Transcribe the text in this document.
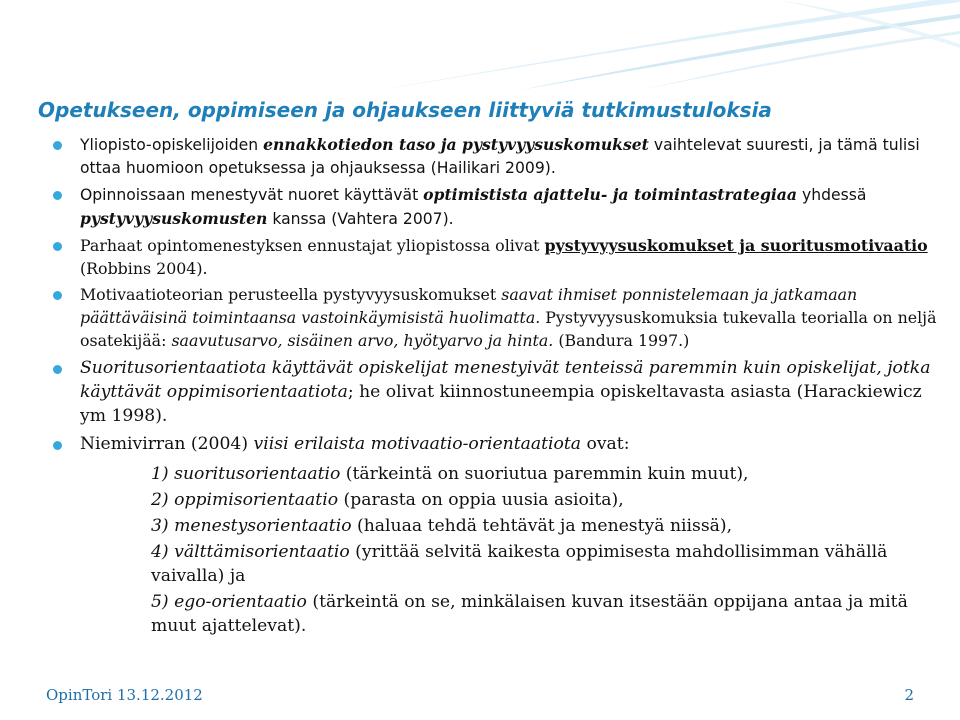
Opetukseen, oppimiseen ja ohjaukseen liittyviä tutkimustuloksia
Yliopisto-opiskelijoiden ennakkotiedon taso ja pystyvyysuskomukset vaihtelevat suuresti, ja tämä tulisi ottaa huomioon opetuksessa ja ohjauksessa (Hailikari 2009).
Opinnoissaan menestyvät nuoret käyttävät optimistista ajattelu- ja toimintastrategiaa yhdessä pystyvyysuskomusten kanssa (Vahtera 2007).
Parhaat opintomenestyksen ennustajat yliopistossa olivat pystyvyysuskomukset ja suoritusmotivaatio (Robbins 2004).
Motivaatioteorian perusteella pystyvyysuskomukset saavat ihmiset ponnistelemaan ja jatkamaan päättäväisinä toimintaansa vastoinkäymisistä huolimatta. Pystyvyysuskomuksia tukevalla teorialla on neljä osatekijää: saavutusarvo, sisäinen arvo, hyötyarvo ja hinta. (Bandura 1997.)
Suoritusorientaatiota käyttävät opiskelijat menestyivät tenteissä paremmin kuin opiskelijat, jotka käyttävät oppimisorientaatiota; he olivat kiinnostuneempia opiskeltavasta asiasta (Harackiewicz ym 1998).
Niemivirran (2004) viisi erilaista motivaatio-orientaatiota ovat:
1) suoritusorientaatio (tärkeintä on suoriutua paremmin kuin muut),
2) oppimisorientaatio (parasta on oppia uusia asioita),
3) menestysorientaatio (haluaa tehdä tehtävät ja menestyä niissä),
4) välttämisorientaatio (yrittää selvitä kaikesta oppimisesta mahdollisimman vähällä vaivalla) ja
5) ego-orientaatio (tärkeintä on se, minkälaisen kuvan itsestään oppijana antaa ja mitä muut ajattelevat).
OpinTori 13.12.2012	2
